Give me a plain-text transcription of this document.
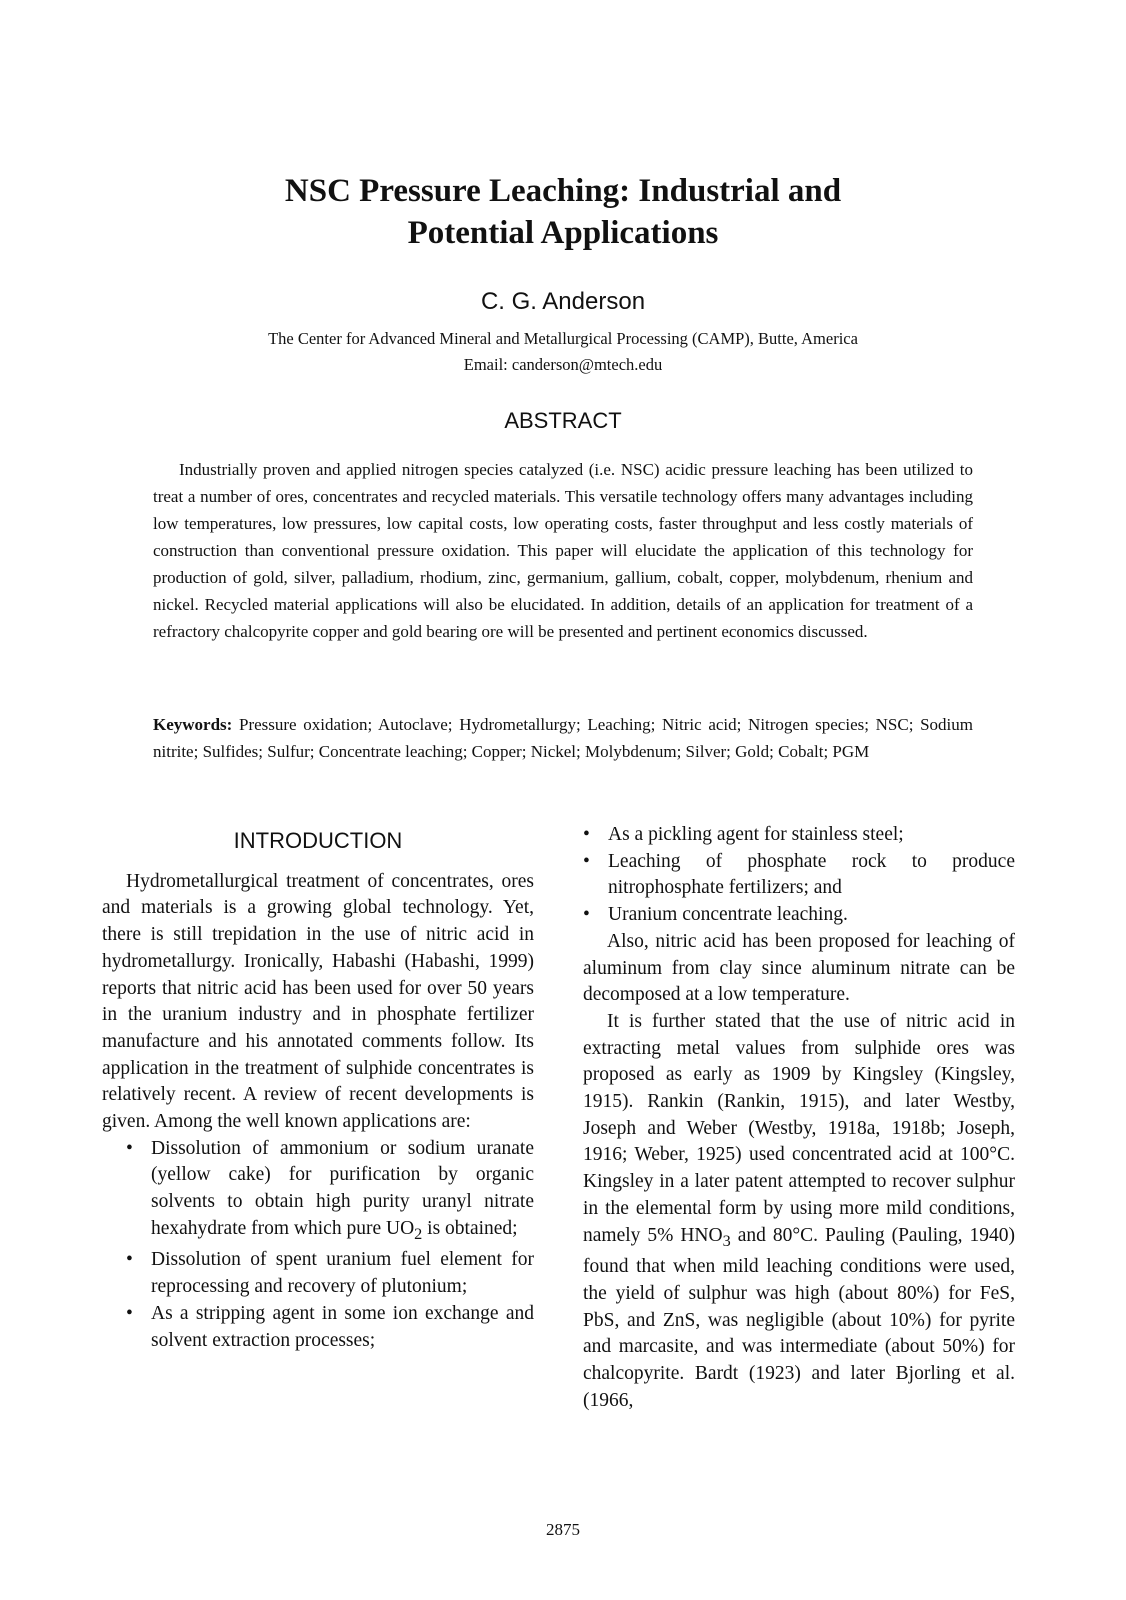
NSC Pressure Leaching: Industrial and
Potential Applications
C. G. Anderson
The Center for Advanced Mineral and Metallurgical Processing (CAMP), Butte, America
Email: canderson@mtech.edu
ABSTRACT

Industrially proven and applied nitrogen species catalyzed (i.e. NSC) acidic pressure leaching has been utilized to treat a number of ores, concentrates and recycled materials. This versatile technology offers many advantages including low temperatures, low pressures, low capital costs, low operating costs, faster throughput and less costly materials of construction than conventional pressure oxidation. This paper will elucidate the application of this technology for production of gold, silver, palladium, rhodium, zinc, germanium, gallium, cobalt, copper, molybdenum, rhenium and nickel. Recycled material applications will also be elucidated. In addition, details of an application for treatment of a refractory chalcopyrite copper and gold bearing ore will be presented and pertinent economics discussed.

Keywords: Pressure oxidation; Autoclave; Hydrometallurgy; Leaching; Nitric acid; Nitrogen species; NSC; Sodium nitrite; Sulfides; Sulfur; Concentrate leaching; Copper; Nickel; Molybdenum; Silver; Gold; Cobalt; PGM

INTRODUCTION

Hydrometallurgical treatment of concentrates, ores and materials is a growing global technology. Yet, there is still trepidation in the use of nitric acid in hydrometallurgy. Ironically, Habashi (Habashi, 1999) reports that nitric acid has been used for over 50 years in the uranium industry and in phosphate fertilizer manufacture and his annotated comments follow. Its application in the treatment of sulphide concentrates is relatively recent. A review of recent developments is given. Among the well known applications are:

• Dissolution of ammonium or sodium uranate (yellow cake) for purification by organic solvents to obtain high purity uranyl nitrate hexahydrate from which pure $UO_2$ is obtained;
• Dissolution of spent uranium fuel element for reprocessing and recovery of plutonium;
• As a stripping agent in some ion exchange and solvent extraction processes;
• As a pickling agent for stainless steel;
• Leaching of phosphate rock to produce nitrophosphate fertilizers; and
• Uranium concentrate leaching.

Also, nitric acid has been proposed for leaching of aluminum from clay since aluminum nitrate can be decomposed at a low temperature.

It is further stated that the use of nitric acid in extracting metal values from sulphide ores was proposed as early as 1909 by Kingsley (Kingsley, 1915). Rankin (Rankin, 1915), and later Westby, Joseph and Weber (Westby, 1918a, 1918b; Joseph, 1916; Weber, 1925) used concentrated acid at 100°C. Kingsley in a later patent attempted to recover sulphur in the elemental form by using more mild conditions, namely 5% $HNO_3$ and 80°C. Pauling (Pauling, 1940) found that when mild leaching conditions were used, the yield of sulphur was high (about 80%) for FeS, PbS, and ZnS, was negligible (about 10%) for pyrite and marcasite, and was intermediate (about 50%) for chalcopyrite. Bardt (1923) and later Bjorling et al. (1966,

2875
